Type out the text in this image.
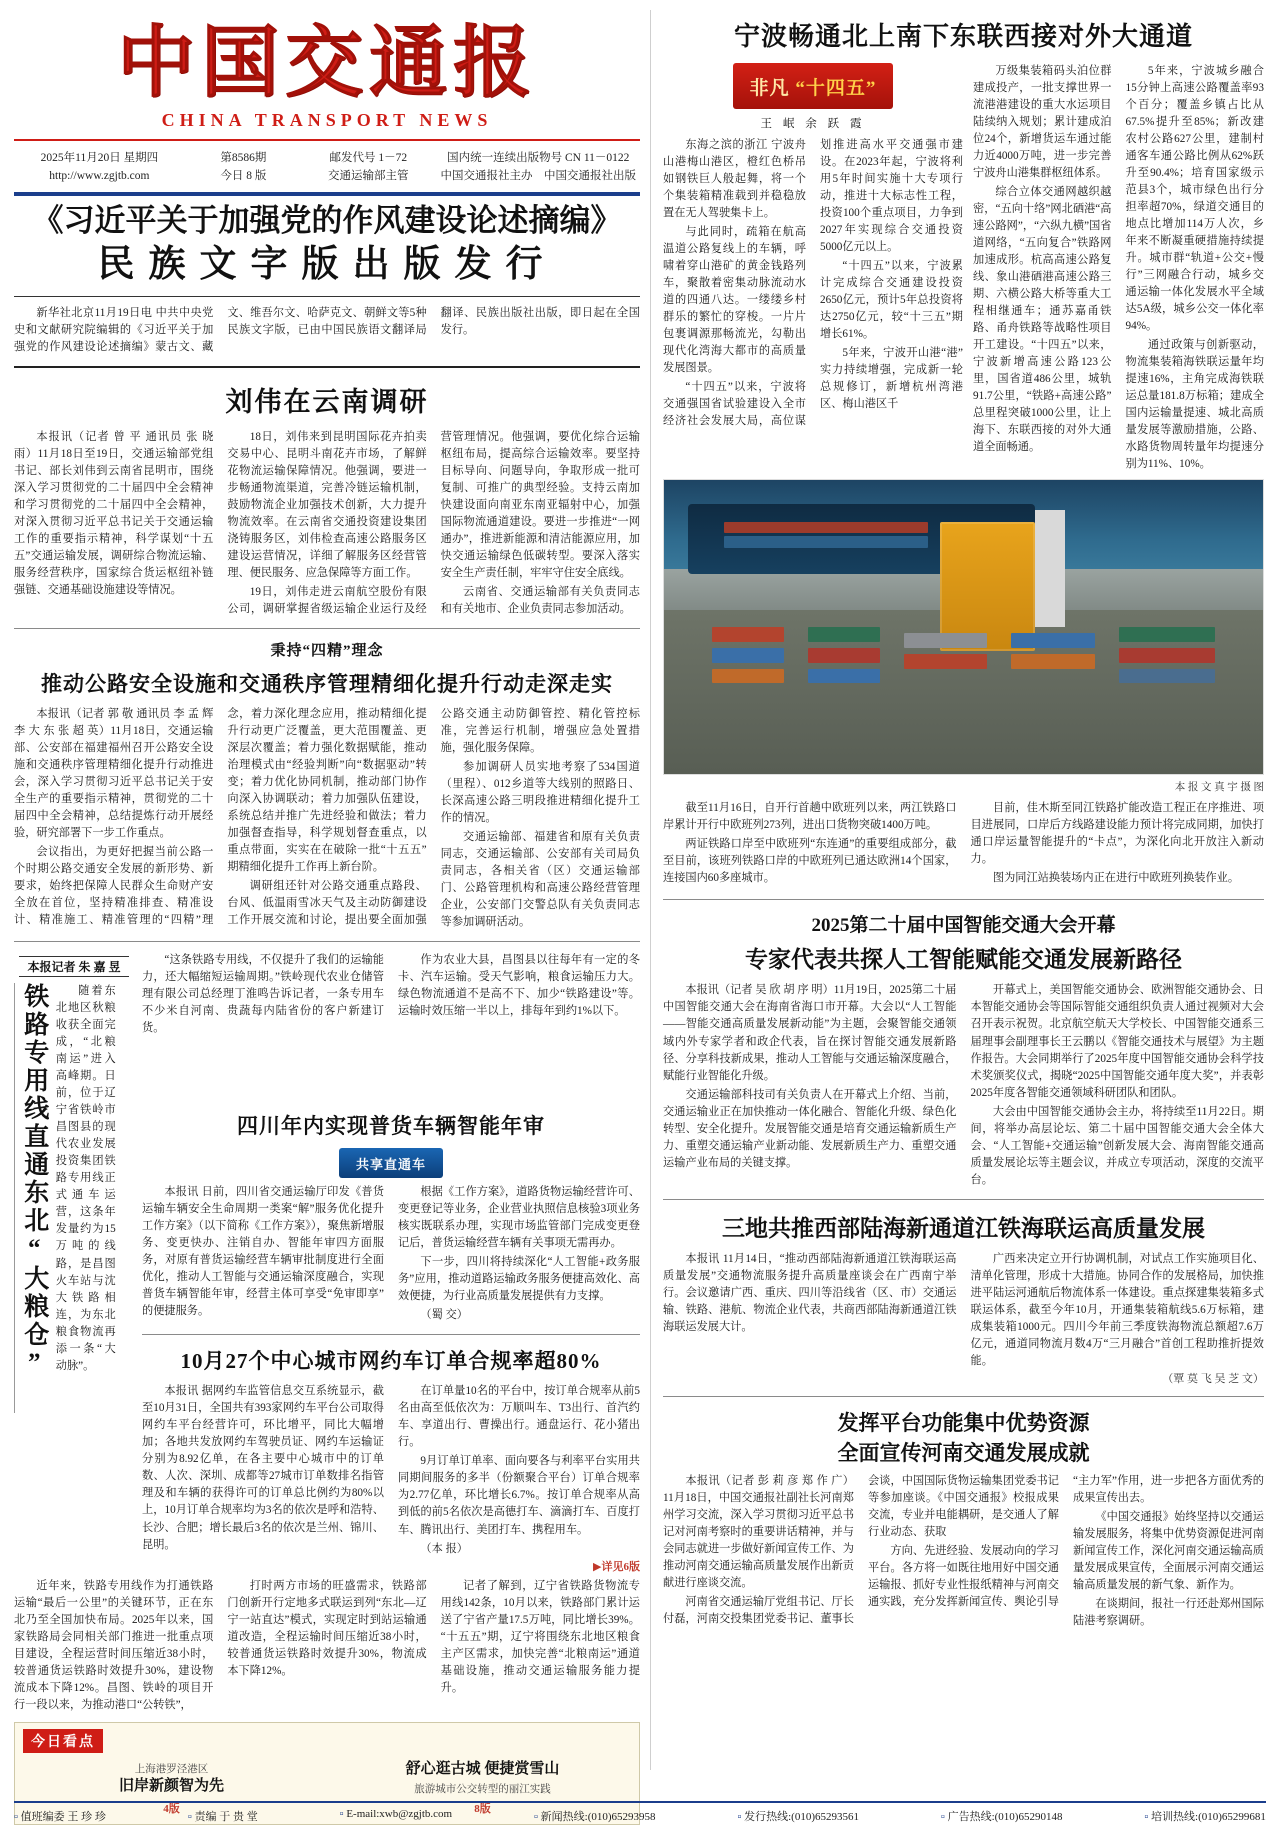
中国交通报
CHINA TRANSPORT NEWS
2025年11月20日 星期四
http://www.zgjtb.com
第8586期
今日 8 版
邮发代号 1－72
交通运输部主管
国内统一连续出版物号 CN 11－0122
中国交通报社主办 中国交通报社出版
《习近平关于加强党的作风建设论述摘编》
民族文字版出版发行

新华社北京11月19日电 中共中央党史和文献研究院编辑的《习近平关于加强党的作风建设论述摘编》蒙古文、藏文、维吾尔文、哈萨克文、朝鲜文等5种民族文字版，已由中国民族语文翻译局翻译、民族出版社出版，即日起在全国发行。

刘伟在云南调研

本报讯（记者 曾 平 通讯员 张 晓 雨）11月18日至19日，交通运输部党组书记、部长刘伟到云南省昆明市，围绕深入学习贯彻党的二十届四中全会精神和学习贯彻党的二十届四中全会精神，对深入贯彻习近平总书记关于交通运输工作的重要指示精神，科学谋划“十五五”交通运输发展，调研综合物流运输、服务经营秩序，国家综合货运枢纽补链强链、交通基础设施建设等情况。

18日，刘伟来到昆明国际花卉拍卖交易中心、昆明斗南花卉市场，了解鲜花物流运输保障情况。他强调，要进一步畅通物流渠道，完善冷链运输机制，鼓励物流企业加强技术创新，大力提升物流效率。在云南省交通投资建设集团浇铸服务区，刘伟检查高速公路服务区建设运营情况，详细了解服务区经营管理、便民服务、应急保障等方面工作。

19日，刘伟走进云南航空股份有限公司，调研掌握省级运输企业运行及经营管理情况。他强调，要优化综合运输枢纽布局，提高综合运输效率。要坚持目标导向、问题导向，争取形成一批可复制、可推广的典型经验。支持云南加快建设面向南亚东南亚辐射中心，加强国际物流通道建设。要进一步推进“一网通办”，推进新能源和清洁能源应用，加快交通运输绿色低碳转型。要深入落实安全生产责任制，牢牢守住安全底线。

云南省、交通运输部有关负责同志和有关地市、企业负责同志参加活动。

秉持“四精”理念
推动公路安全设施和交通秩序管理精细化提升行动走深走实

本报讯（记者 郭 敬 通讯员 李 孟 辉 李 大 东 张 超 英）11月18日，交通运输部、公安部在福建福州召开公路安全设施和交通秩序管理精细化提升行动推进会，深入学习贯彻习近平总书记关于安全生产的重要指示精神，贯彻党的二十届四中全会精神，总结提炼行动开展经验，研究部署下一步工作重点。

会议指出，为更好把握当前公路一个时期公路交通安全发展的新形势、新要求，始终把保障人民群众生命财产安全放在首位，坚持精准排查、精准设计、精准施工、精准管理的“四精”理念，着力深化理念应用，推动精细化提升行动更广泛覆盖，更大范围覆盖、更深层次覆盖；着力强化数据赋能，推动治理模式由“经验判断”向“数据驱动”转变；着力优化协同机制，推动部门协作向深入协调联动；着力加强队伍建设，系统总结并推广先进经验和做法；着力加强督查指导，科学规划督查重点，以重点带面，实实在在破除一批“十五五”期精细化提升工作再上新台阶。

调研组还针对公路交通重点路段、台风、低温雨雪冰天气及主动防御建设工作开展交流和讨论，提出要全面加强公路交通主动防御管控、精化管控标准，完善运行机制，增强应急处置措施，强化服务保障。

参加调研人员实地考察了534国道（里程）、012乡道等大线别的照路日、长深高速公路三明段推进精细化提升工作的情况。

交通运输部、福建省和原有关负责同志，交通运输部、公安部有关司局负责同志，各相关省（区）交通运输部门、公路管理机构和高速公路经营管理企业，公安部门交警总队有关负责同志等参加调研活动。

本报记者 朱 嘉 昱
铁路专用线直通东北“大粮仓”	随着东北地区秋粮收获全面完成，“北粮南运”进入高峰期。日前，位于辽宁省铁岭市昌图县的现代农业发展投资集团铁路专用线正式通车运营，这条年发量约为15万吨的线路，是昌图火车站与沈大铁路相连，为东北粮食物流再添一条“大动脉”。

“这条铁路专用线，不仅提升了我们的运输能力，还大幅缩短运输周期。”铁岭现代农业仓储管理有限公司总经理丁淮鸣告诉记者，一条专用车不少米自河南、贵蔬每内陆省份的客户新建订货。

作为农业大县，昌图县以往每年有一定的冬卡、汽车运输。受天气影响，粮食运输压力大。绿色物流通道不是高不下、加少“铁路建设”等。运输时效压缩一半以上，排每年到约1%以下。

四川年内实现普货车辆智能年审
共享直通车

本报讯 日前，四川省交通运输厅印发《普货运输车辆安全生命周期一类案“解”服务优化提升工作方案》（以下简称《工作方案》），聚焦新增服务、变更快办、注销自办、智能年审四方面服务，对原有普货运输经营车辆审批制度进行全面优化，推动人工智能与交通运输深度融合，实现普货车辆智能年审，经营主体可享受“免审即享”的便捷服务。

根据《工作方案》，道路货物运输经营许可、变更登记等业务，企业营业执照信息核验3项业务核实既联系办理，实现市场监管部门完成变更登记后，普货运输经营车辆有关事项无需再办。

下一步，四川将持续深化“人工智能+政务服务”应用，推动道路运输政务服务便捷高效化、高效便捷，为行业高质量发展提供有力支撑。

（蜀 交）

10月27个中心城市网约车订单合规率超80%

本报讯 据网约车监管信息交互系统显示，截至10月31日，全国共有393家网约车平台公司取得网约车平台经营许可，环比增平，同比大幅增加；各地共发放网约车驾驶员证、网约车运输证分别为8.92亿单，在各主要中心城市中的订单数、人次、深圳、成都等27城市订单数排名指管理及和车辆的获得许可的订单总比例约为80%以上，10月订单合规率均为3名的依次是呼和浩特、长沙、合肥；增长最后3名的依次是兰州、锦川、昆明。

在订单量10名的平台中，按订单合规率从前5名由高至低依次为：万顺叫车、T3出行、首汽约车、享道出行、曹操出行。通盘运行、花小猪出行。

9月订单订单率、面向要各与利率平台实用共同期间服务的多半（份额聚合平台）订单合规率为2.77亿单，环比增长6.7%。按订单合规率从高到低的前5名依次是高德打车、滴滴打车、百度打车、腾讯出行、美团打车、携程用车。

（本 报）

▶详见6版

近年来，铁路专用线作为打通铁路运输“最后一公里”的关键环节，正在东北乃至全国加快布局。2025年以来，国家铁路局会同相关部门推进一批重点项目建设，全程运营时间压缩近38小时，较普通货运铁路时效提升30%，建设物流成本下降12%。昌图、铁岭的项目开行一段以来，为推动港口“公转铁”，

打时两方市场的旺盛需求，铁路部门创新开行定地多式联运到列“东北—辽宁一站直达”模式，实现定时到站运输通道改造，全程运输时间压缩近38小时，较普通货运铁路时效提升30%，物流成本下降12%。

记者了解到，辽宁省铁路货物流专用线142条，10月以来，铁路部门累计运送了宁省产量17.5万吨，同比增长39%。“十五五”期，辽宁将围绕东北地区粮食主产区需求，加快完善“北粮南运”通道基础设施，推动交通运输服务能力提升。

今日看点
上海港罗泾港区
旧岸新颜智为先
4版
舒心逛古城 便捷赏雪山
旅游城市公交转型的丽江实践
8版
宁波畅通北上南下东联西接对外大通道
非凡
“十四五”
王 岷 余 跃 霞

东海之滨的浙江 宁波舟山港梅山港区，橙红色桥吊如钢铁巨人般起舞，将一个个集装箱精准载到并稳稳放置在无人驾驶集卡上。

与此同时，疏箱在航高温道公路复线上的车辆，呼啸着穿山港矿的黄金钱路列车，聚散着密集动脉流动水道的四通八达。一缕缕乡村群乐的繁忙的穿梭。一片片包裹调源那畅流光，勾勒出现代化湾海大都市的高质量发展图景。

“十四五”以来，宁波将交通强国省试验建设入全市经济社会发展大局，高位谋划推进高水平交通强市建设。在2023年起，宁波将利用5年时间实施十大专项行动，推进十大标志性工程，投资100个重点项目，力争到2027年实现综合交通投资5000亿元以上。

“十四五”以来，宁波累计完成综合交通建设投资2650亿元，预计5年总投资将达2750亿元，较“十三五”期增长61%。

5年来，宁波开山港“港”实力持续增强，完成新一轮总规修订，新增杭州湾港区、梅山港区千

万级集装箱码头泊位群建成投产，一批支撑世界一流港港建设的重大水运项目陆续纳入规划；累计建成泊位24个，新增货运车通过能力近4000万吨，进一步完善宁波舟山港集群枢纽体系。

综合立体交通网越织越密，“五向十络”网北硒港“高速公路网”，“六纵九横”国省道网络，“五向复合”铁路网加速成形。杭高高速公路复线、象山港硒港高速公路三期、六横公路大桥等重大工程相继通车；通苏嘉甬铁路、甬舟铁路等战略性项目开工建设。“十四五”以来，宁波新增高速公路123公里，国省道486公里，城轨91.7公里，“铁路+高速公路”总里程突破1000公里，让上海下、东联西接的对外大通道全面畅通。

5年来，宁波城乡融合15分钟上高速公路覆盖率93个百分；覆盖乡镇占比从67.5%提升至85%；新改建农村公路627公里，建制村通客车通公路比例从62%跃升至90.4%；培育国家级示范县3个，城市绿色出行分担率超70%，绿道交通目的地点比增加114万人次，乡年来不断凝重硬措施持续提升。城市群“轨道+公交+慢行”三网融合行动，城乡交通运输一体化发展水平全域达5A级，城乡公交一体化率94%。

通过政策与创新驱动，物流集装箱海铁联运量年均提速16%，主角完成海铁联运总量181.8万标箱；建成全国内运输量提速、城北高质量发展等激励措施，公路、水路货物周转量年均提速分别为11%、10%。

本 报 文 真 宇 摄 图

截至11月16日，自开行首趟中欧班列以来，两江铁路口岸累计开行中欧班列273列，进出口货物突破1400万吨。

两证铁路口岸至中欧班列“东连通”的重要组成部分，截至目前，该班列铁路口岸的中欧班列已通达欧洲14个国家，连接国内60多座城市。

目前，佳木斯至同江铁路扩能改造工程正在序推进、项目进展同，口岸后方线路建设能力预计将完成同期，加快打通口岸运量智能提升的“卡点”，为深化向北开放注入新动力。

图为同江站换装场内正在进行中欧班列换装作业。

2025第二十届中国智能交通大会开幕
专家代表共探人工智能赋能交通发展新路径

本报讯（记者 吴 欣 胡 序 明）11月19日，2025第二十届中国智能交通大会在海南省海口市开幕。大会以“人工智能——智能交通高质量发展新动能”为主题，会聚智能交通领域内外专家学者和政企代表，旨在探讨智能交通发展新路径、分享科技新成果，推动人工智能与交通运输深度融合，赋能行业智能化升级。

交通运输部科技司有关负责人在开幕式上介绍、当前，交通运输业正在加快推动一体化融合、智能化升级、绿色化转型、安全化提升。发展智能交通是培育交通运输新质生产力、重塑交通运输产业新动能、发展新质生产力、重塑交通运输产业布局的关键支撑。

开幕式上，美国智能交通协会、欧洲智能交通协会、日本智能交通协会等国际智能交通组织负责人通过视频对大会召开表示祝贺。北京航空航天大学校长、中国智能交通系三届理事会副理事长王云鹏以《智能交通技术与展望》为主题作报告。大会同期举行了2025年度中国智能交通协会科学技术奖颁奖仪式，揭晓“2025中国智能交通年度大奖”，并表彰2025年度各智能交通领域科研团队和团队。

大会由中国智能交通协会主办，将持续至11月22日。期间，将举办高层论坛、第二十届中国智能交通大会全体大会、“人工智能+交通运输”创新发展大会、海南智能交通高质量发展论坛等主题会议，并成立专项活动，深度的交流平台。

三地共推西部陆海新通道江铁海联运高质量发展

本报讯 11月14日，“推动西部陆海新通道江铁海联运高质量发展”交通物流服务提升高质量座谈会在广西南宁举行。会议邀请广西、重庆、四川等沿线省（区、市）交通运输、铁路、港航、物流企业代表，共商西部陆海新通道江铁海联运发展大计。

广西来决定立开行协调机制，对试点工作实施项目化、清单化管理，形成十大措施。协同合作的发展格局，加快推进平陆运河通航后物流体系一体建设。重点探建集装箱多式联运体系，截至今年10月，开通集装箱航线5.6万标箱，建成集装箱1000元。四川今年前三季度铁海物流总额超7.6万亿元，通道同物流月数4万“三月融合”首创工程助推折提效能。

（覃 莫 飞 吴 芝 文）
发挥平台功能集中优势资源
全面宣传河南交通发展成就

本报讯（记者 彭 莉 彦 郑 作 广）11月18日，中国交通报社副社长河南郑州学习交流，深入学习贯彻习近平总书记对河南考察时的重要讲话精神，并与会同志就进一步做好新闻宣传工作、为推动河南交通运输高质量发展作出新贡献进行座谈交流。

河南省交通运输厅党组书记、厅长付磊，河南交投集团党委书记、董事长会谈，中国国际货物运输集团党委书记等参加座谈。《中国交通报》校报成果交流，专业并电能耦研，是交通人了解行业动态、获取

方向、先进经验、发展动向的学习平台。各方将一如既往地用好中国交通运输报、抓好专业性报纸精神与河南交通实践，充分发挥新闻宣传、舆论引导“主力军”作用，进一步把各方面优秀的成果宣传出去。

《中国交通报》始终坚持以交通运输发展服务，将集中优势资源促进河南新闻宣传工作，深化河南交通运输高质量发展成果宣传，全面展示河南交通运输高质量发展的新气象、新作为。

在谈期间，报社一行还赴郑州国际陆港考察调研。

▫ 值班编委 王 珍 珍	▫ 责编 于 贵 堂	▫ E-mail:xwb@zgjtb.com	▫ 新闻热线:(010)65293958	▫ 发行热线:(010)65293561	▫ 广告热线:(010)65290148	▫ 培训热线:(010)65299681
